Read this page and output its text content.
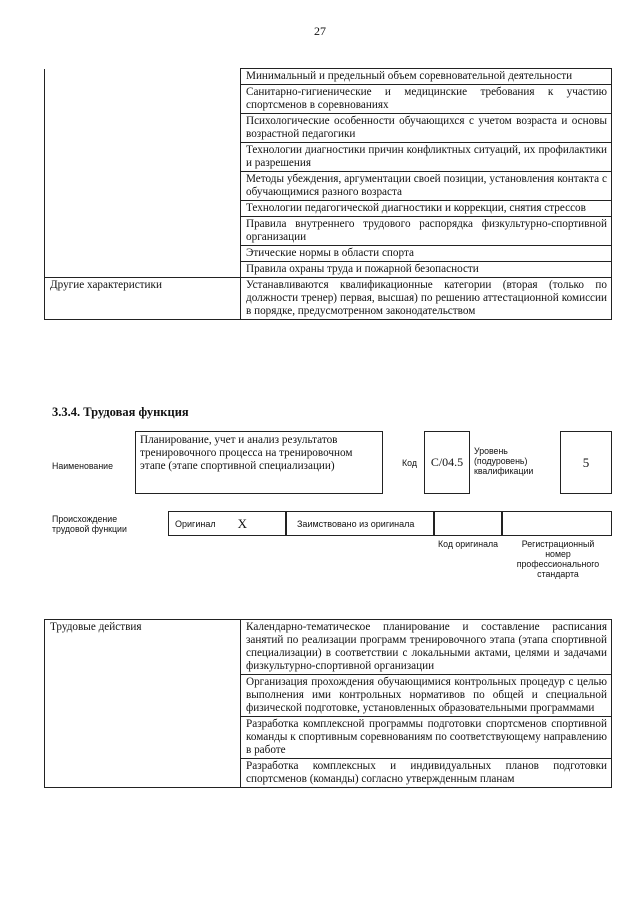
27
	Минимальный и предельный объем соревновательной деятельности
	Санитарно-гигиенические и медицинские требования к участию спортсменов в соревнованиях
	Психологические особенности обучающихся с учетом возраста и основы возрастной педагогики
	Технологии диагностики причин конфликтных ситуаций, их профилактики и разрешения
	Методы убеждения, аргументации своей позиции, установления контакта с обучающимися разного возраста
	Технологии педагогической диагностики и коррекции, снятия стрессов
	Правила внутреннего трудового распорядка физкультурно-спортивной организации
	Этические нормы в области спорта
	Правила охраны труда и пожарной безопасности
Другие характеристики	Устанавливаются квалификационные категории (вторая (только по должности тренер) первая, высшая) по решению аттестационной комиссии в порядке, предусмотренном законодательством
3.3.4. Трудовая функция
Наименование
Планирование, учет и анализ результатов тренировочного процесса на тренировочном этапе (этапе спортивной специализации)	Код	C/04.5
Уровень (подуровень) квалификации
5
Происхождение трудовой функции
Оригинал X	Заимствовано из оригинала
Код оригинала	Регистрационный номер профессионального стандарта
Трудовые действия	Календарно-тематическое планирование и составление расписания занятий по реализации программ тренировочного этапа (этапа спортивной специализации) в соответствии с локальными актами, целями и задачами физкультурно-спортивной организации
Организация прохождения обучающимися контрольных процедур с целью выполнения ими контрольных нормативов по общей и специальной физической подготовке, установленных образовательными программами
Разработка комплексной программы подготовки спортсменов спортивной команды к спортивным соревнованиям по соответствующему направлению в работе
Разработка комплексных и индивидуальных планов подготовки спортсменов (команды) согласно утвержденным планам
